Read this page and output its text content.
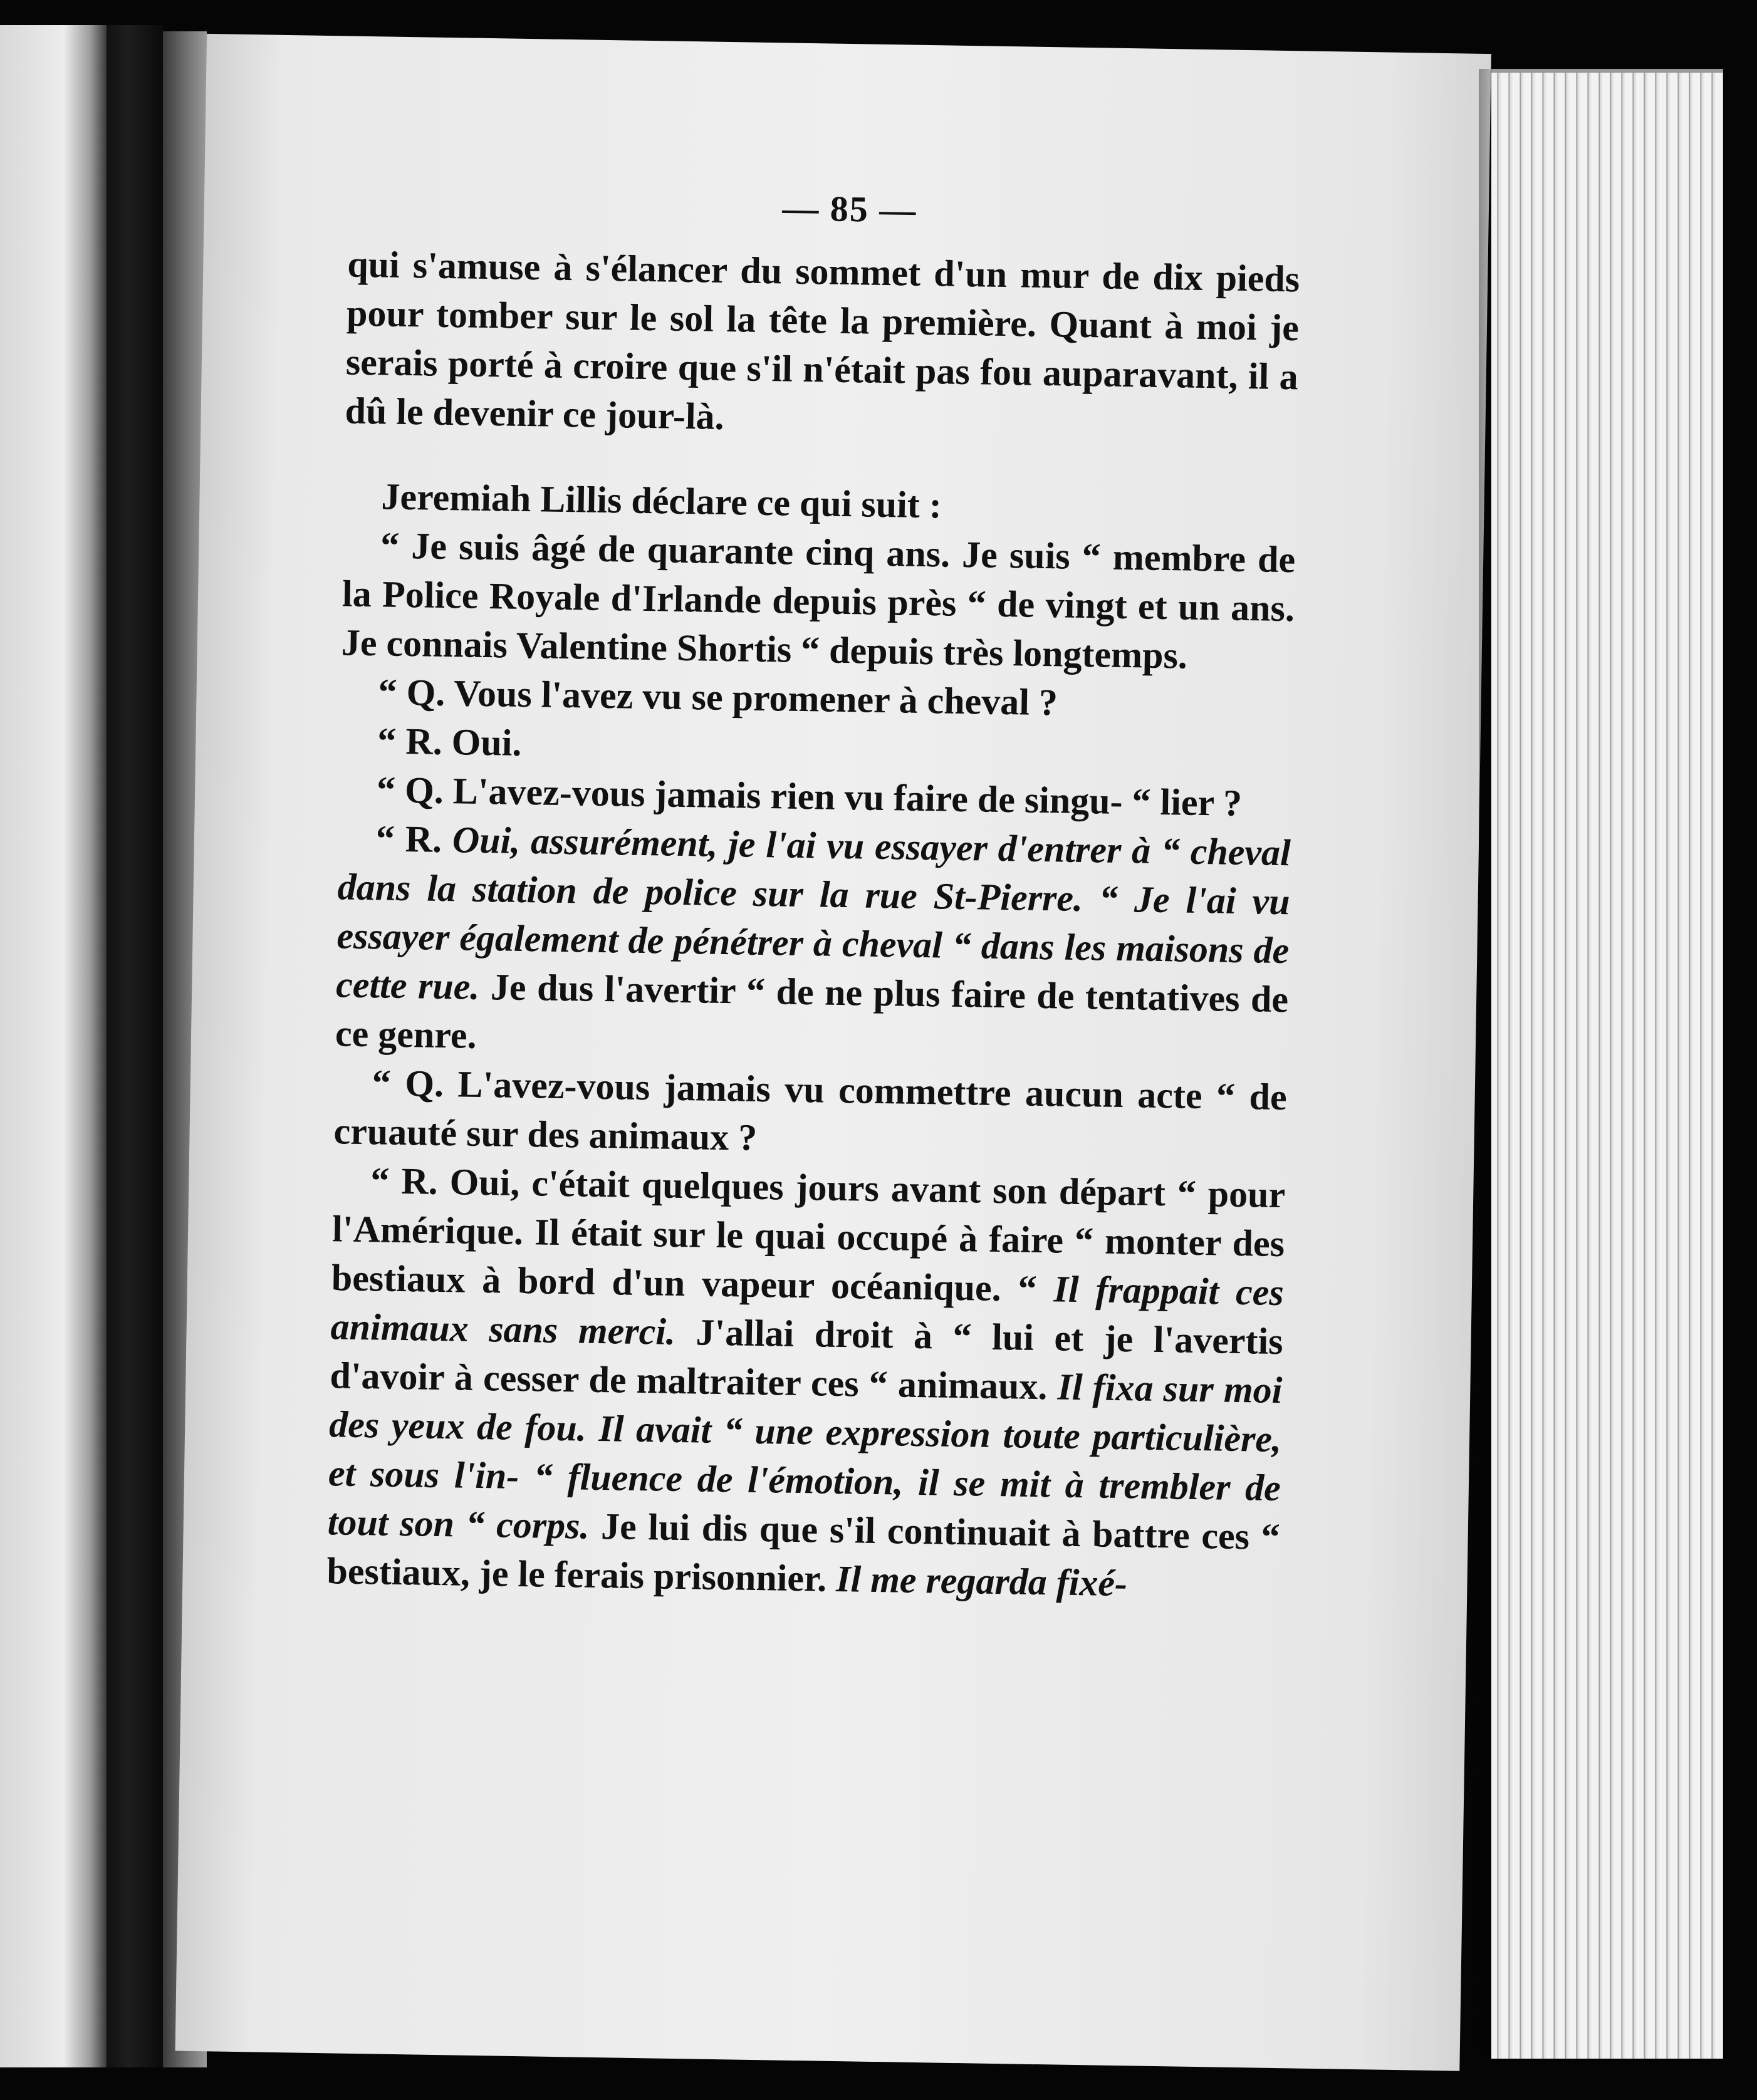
— 85 —

qui s'amuse à s'élancer du sommet d'un mur de dix pieds pour tomber sur le sol la tête la première. Quant à moi je serais porté à croire que s'il n'était pas fou auparavant, il a dû le devenir ce jour-là.

Jeremiah Lillis déclare ce qui suit :

“ Je suis âgé de quarante cinq ans. Je suis “ membre de la Police Royale d'Irlande depuis près “ de vingt et un ans. Je connais Valentine Shortis “ depuis très longtemps.

“ Q. Vous l'avez vu se promener à cheval ?

“ R. Oui.

“ Q. L'avez-vous jamais rien vu faire de singu- “ lier ?

“ R. Oui, assurément, je l'ai vu essayer d'entrer à “ cheval dans la station de police sur la rue St-Pierre. “ Je l'ai vu essayer également de pénétrer à cheval “ dans les maisons de cette rue. Je dus l'avertir “ de ne plus faire de tentatives de ce genre.

“ Q. L'avez-vous jamais vu commettre aucun acte “ de cruauté sur des animaux ?

“ R. Oui, c'était quelques jours avant son départ “ pour l'Amérique. Il était sur le quai occupé à faire “ monter des bestiaux à bord d'un vapeur océanique. “ Il frappait ces animaux sans merci. J'allai droit à “ lui et je l'avertis d'avoir à cesser de maltraiter ces “ animaux. Il fixa sur moi des yeux de fou. Il avait “ une expression toute particulière, et sous l'in- “ fluence de l'émotion, il se mit à trembler de tout son “ corps. Je lui dis que s'il continuait à battre ces “ bestiaux, je le ferais prisonnier. Il me regarda fixé-
